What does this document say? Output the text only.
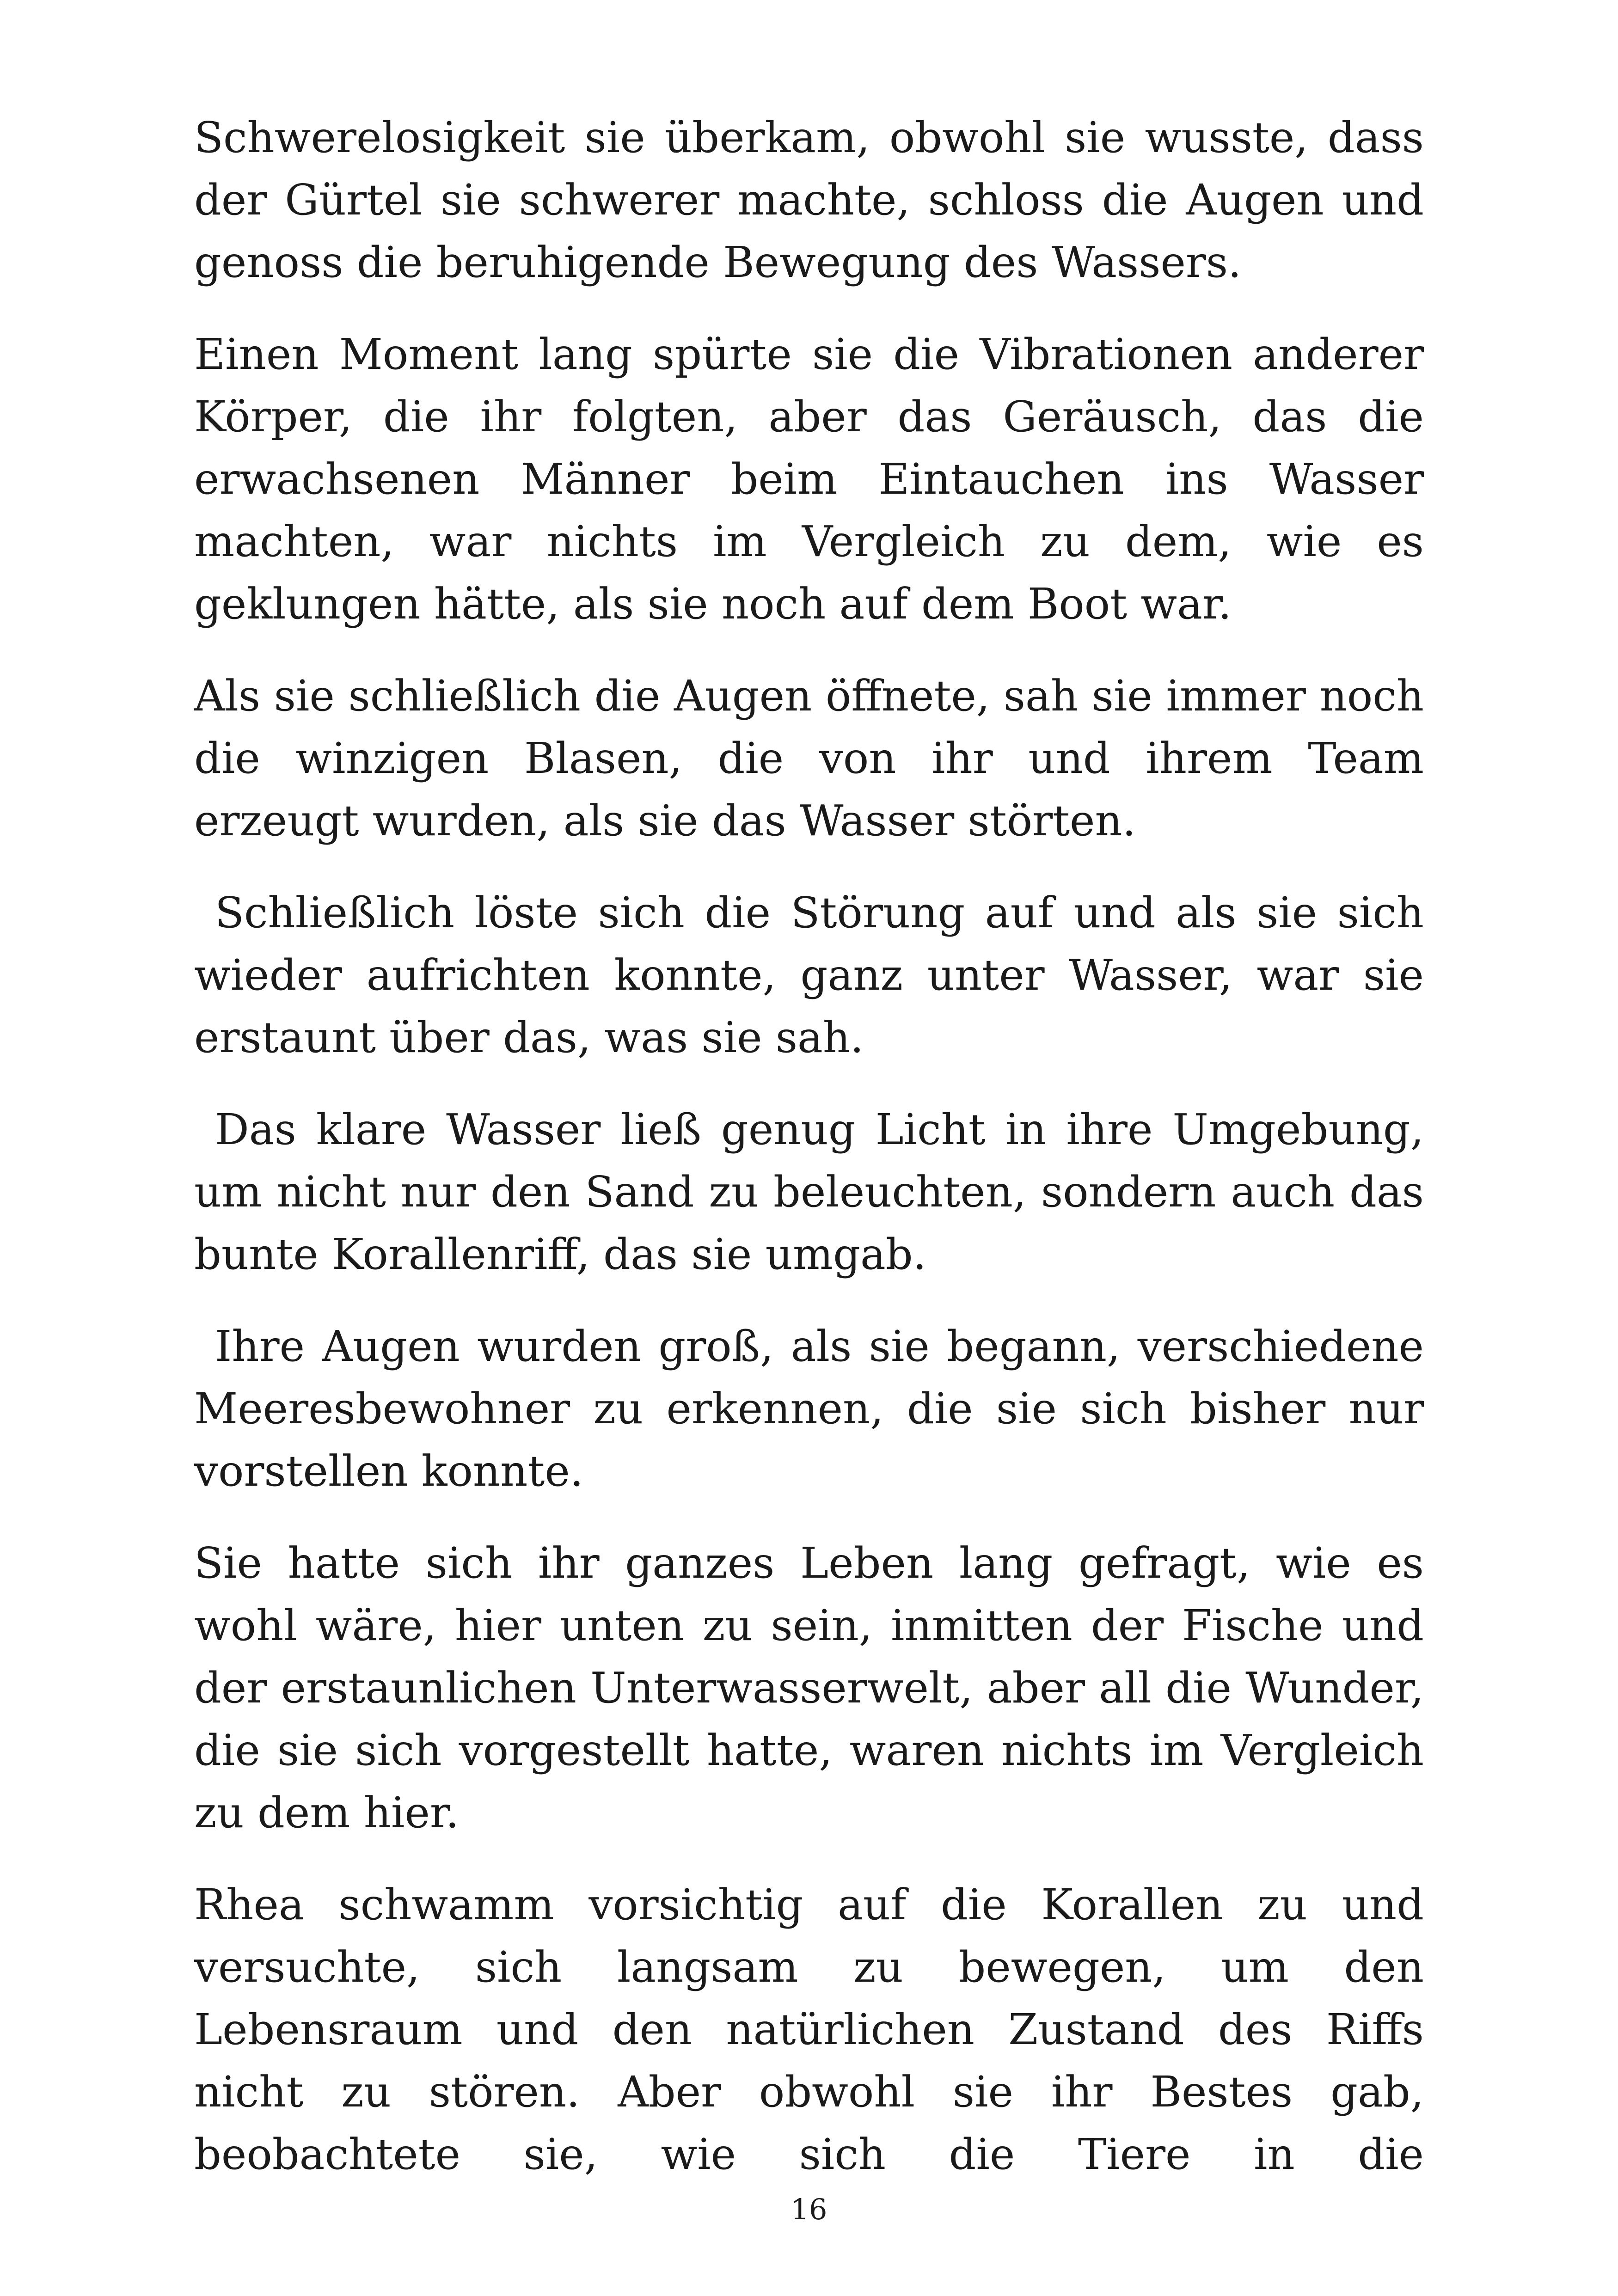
Schwerelosigkeit sie überkam, obwohl sie wusste, dass der Gürtel sie schwerer machte, schloss die Augen und genoss die beruhigende Bewegung des Wassers.

Einen Moment lang spürte sie die Vibrationen anderer Körper, die ihr folgten, aber das Geräusch, das die erwachsenen Männer beim Eintauchen ins Wasser machten, war nichts im Vergleich zu dem, wie es geklungen hätte, als sie noch auf dem Boot war.

Als sie schließlich die Augen öffnete, sah sie immer noch die winzigen Blasen, die von ihr und ihrem Team erzeugt wurden, als sie das Wasser störten.

Schließlich löste sich die Störung auf und als sie sich wieder aufrichten konnte, ganz unter Wasser, war sie erstaunt über das, was sie sah.

Das klare Wasser ließ genug Licht in ihre Umgebung, um nicht nur den Sand zu beleuchten, sondern auch das bunte Korallenriff, das sie umgab.

Ihre Augen wurden groß, als sie begann, verschiedene Meeresbewohner zu erkennen, die sie sich bisher nur vorstellen konnte.

Sie hatte sich ihr ganzes Leben lang gefragt, wie es wohl wäre, hier unten zu sein, inmitten der Fische und der erstaunlichen Unterwasserwelt, aber all die Wunder, die sie sich vorgestellt hatte, waren nichts im Vergleich zu dem hier.

Rhea schwamm vorsichtig auf die Korallen zu und versuchte, sich langsam zu bewegen, um den Lebensraum und den natürlichen Zustand des Riffs nicht zu stören. Aber obwohl sie ihr Bestes gab, beobachtete sie, wie sich die Tiere in die

16
